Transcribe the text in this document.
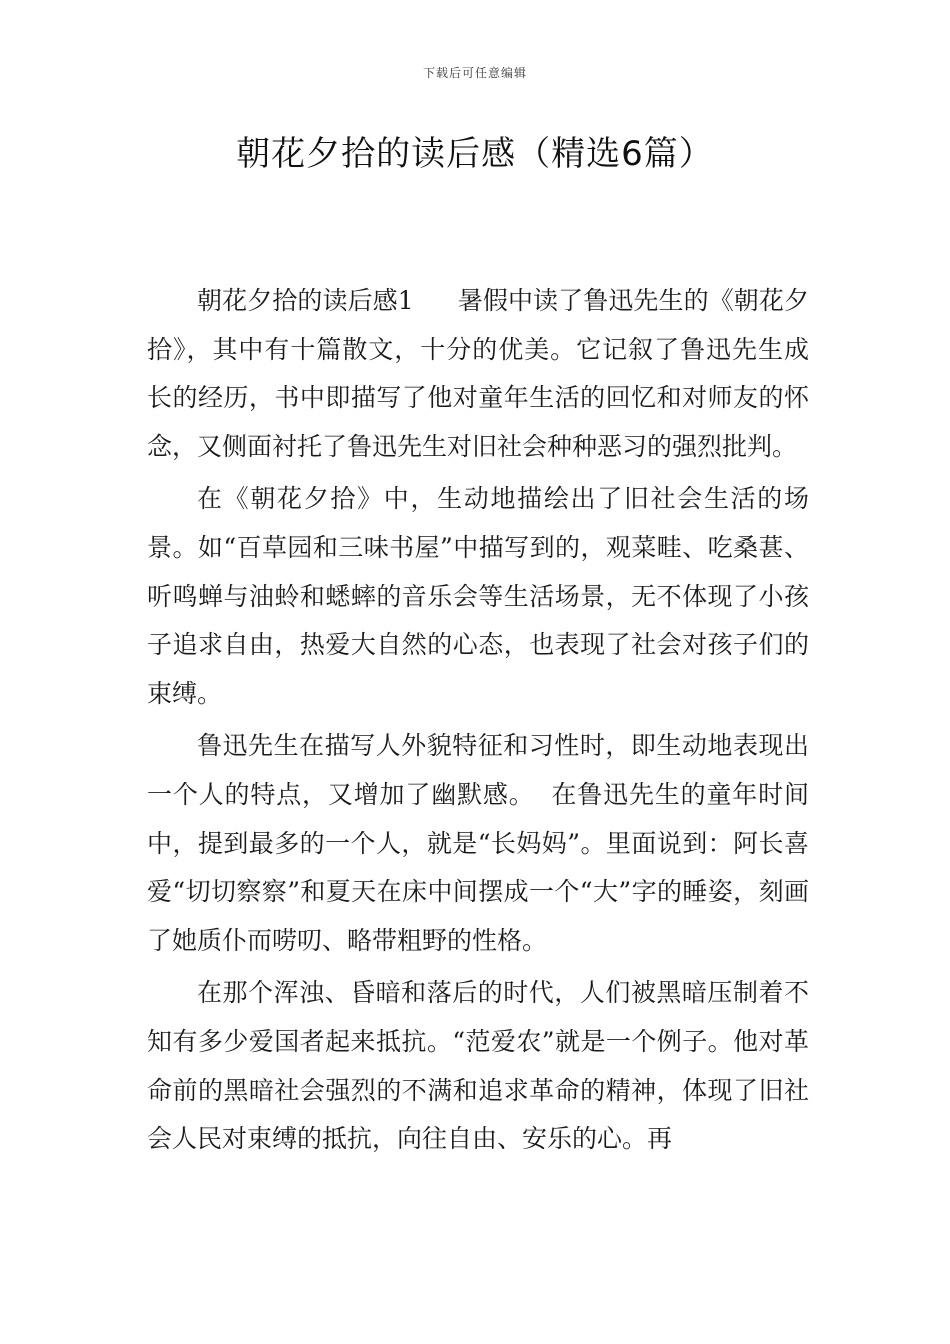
下载后可任意编辑
朝花夕拾的读后感（精选6篇）

朝花夕拾的读后感1 暑假中读了鲁迅先生的《朝花夕拾》，其中有十篇散文，十分的优美。它记叙了鲁迅先生成长的经历，书中即描写了他对童年生活的回忆和对师友的怀念，又侧面衬托了鲁迅先生对旧社会种种恶习的强烈批判。

在《朝花夕拾》中，生动地描绘出了旧社会生活的场景。如“百草园和三味书屋”中描写到的，观菜畦、吃桑葚、听鸣蝉与油蛉和蟋蟀的音乐会等生活场景，无不体现了小孩子追求自由，热爱大自然的心态，也表现了社会对孩子们的束缚。

鲁迅先生在描写人外貌特征和习性时，即生动地表现出一个人的特点，又增加了幽默感。 在鲁迅先生的童年时间中，提到最多的一个人，就是“长妈妈”。里面说到：阿长喜爱“切切察察”和夏天在床中间摆成一个“大”字的睡姿，刻画了她质仆而唠叨、略带粗野的性格。

在那个浑浊、昏暗和落后的时代，人们被黑暗压制着不知有多少爱国者起来抵抗。“范爱农”就是一个例子。他对革命前的黑暗社会强烈的不满和追求革命的精神，体现了旧社会人民对束缚的抵抗，向往自由、安乐的心。再
